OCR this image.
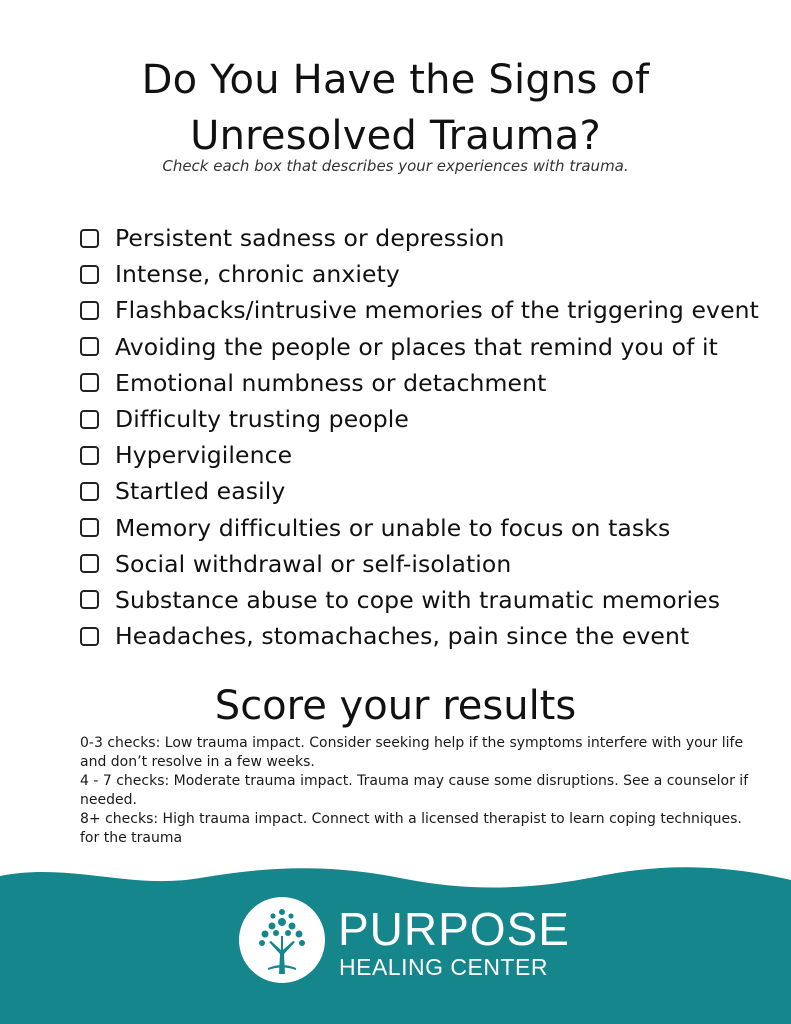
Do You Have the Signs of
Unresolved Trauma?
Check each box that describes your experiences with trauma.
Persistent sadness or depression
Intense, chronic anxiety
Flashbacks/intrusive memories of the triggering event
Avoiding the people or places that remind you of it
Emotional numbness or detachment
Difficulty trusting people
Hypervigilence
Startled easily
Memory difficulties or unable to focus on tasks
Social withdrawal or self-isolation
Substance abuse to cope with traumatic memories
Headaches, stomachaches, pain since the event
Score your results

0-3 checks: Low trauma impact. Consider seeking help if the symptoms interfere with your life and don’t resolve in a few weeks.

4 - 7 checks: Moderate trauma impact. Trauma may cause some disruptions. See a counselor if needed.

8+ checks: High trauma impact. Connect with a licensed therapist to learn coping techniques. for the trauma

PURPOSE
HEALING CENTER
